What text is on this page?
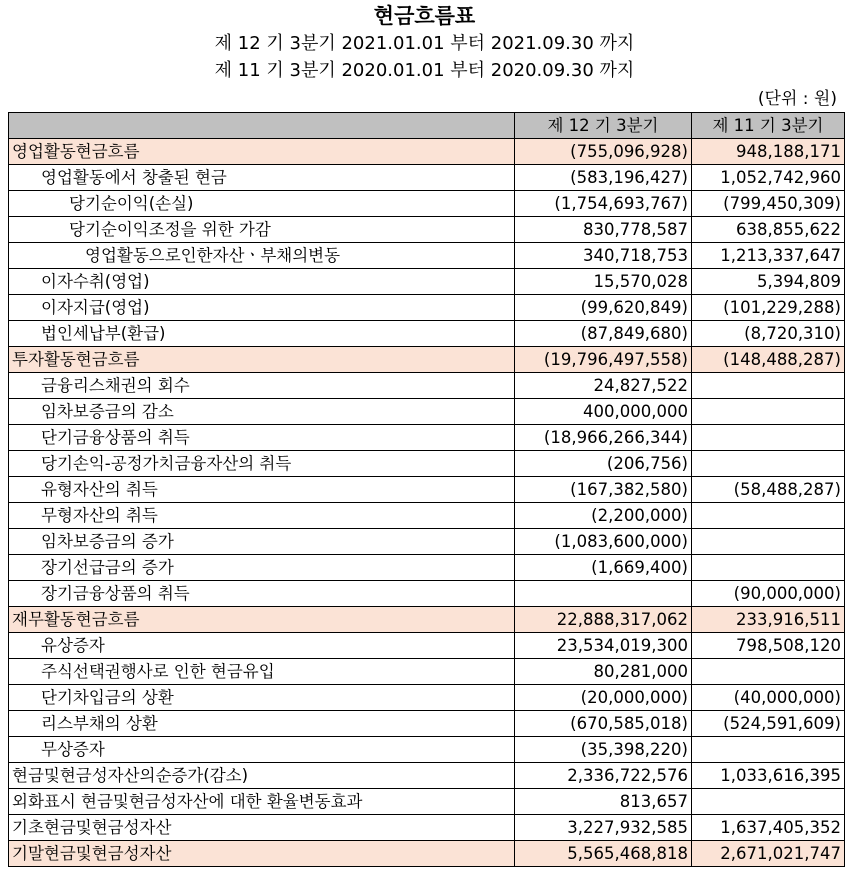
현금흐름표
제 12 기 3분기 2021.01.01 부터 2021.09.30 까지
제 11 기 3분기 2020.01.01 부터 2020.09.30 까지
(단위 : 원)
	제 12 기 3분기	제 11 기 3분기
영업활동현금흐름	(755,096,928)	948,188,171
영업활동에서 창출된 현금	(583,196,427)	1,052,742,960
당기순이익(손실)	(1,754,693,767)	(799,450,309)
당기순이익조정을 위한 가감	830,778,587	638,855,622
영업활동으로인한자산ㆍ부채의변동	340,718,753	1,213,337,647
이자수취(영업)	15,570,028	5,394,809
이자지급(영업)	(99,620,849)	(101,229,288)
법인세납부(환급)	(87,849,680)	(8,720,310)
투자활동현금흐름	(19,796,497,558)	(148,488,287)
금융리스채권의 회수	24,827,522	
임차보증금의 감소	400,000,000	
단기금융상품의 취득	(18,966,266,344)	
당기손익-공정가치금융자산의 취득	(206,756)	
유형자산의 취득	(167,382,580)	(58,488,287)
무형자산의 취득	(2,200,000)	
임차보증금의 증가	(1,083,600,000)	
장기선급금의 증가	(1,669,400)	
장기금융상품의 취득		(90,000,000)
재무활동현금흐름	22,888,317,062	233,916,511
유상증자	23,534,019,300	798,508,120
주식선택권행사로 인한 현금유입	80,281,000	
단기차입금의 상환	(20,000,000)	(40,000,000)
리스부채의 상환	(670,585,018)	(524,591,609)
무상증자	(35,398,220)	
현금및현금성자산의순증가(감소)	2,336,722,576	1,033,616,395
외화표시 현금및현금성자산에 대한 환율변동효과	813,657	
기초현금및현금성자산	3,227,932,585	1,637,405,352
기말현금및현금성자산	5,565,468,818	2,671,021,747
